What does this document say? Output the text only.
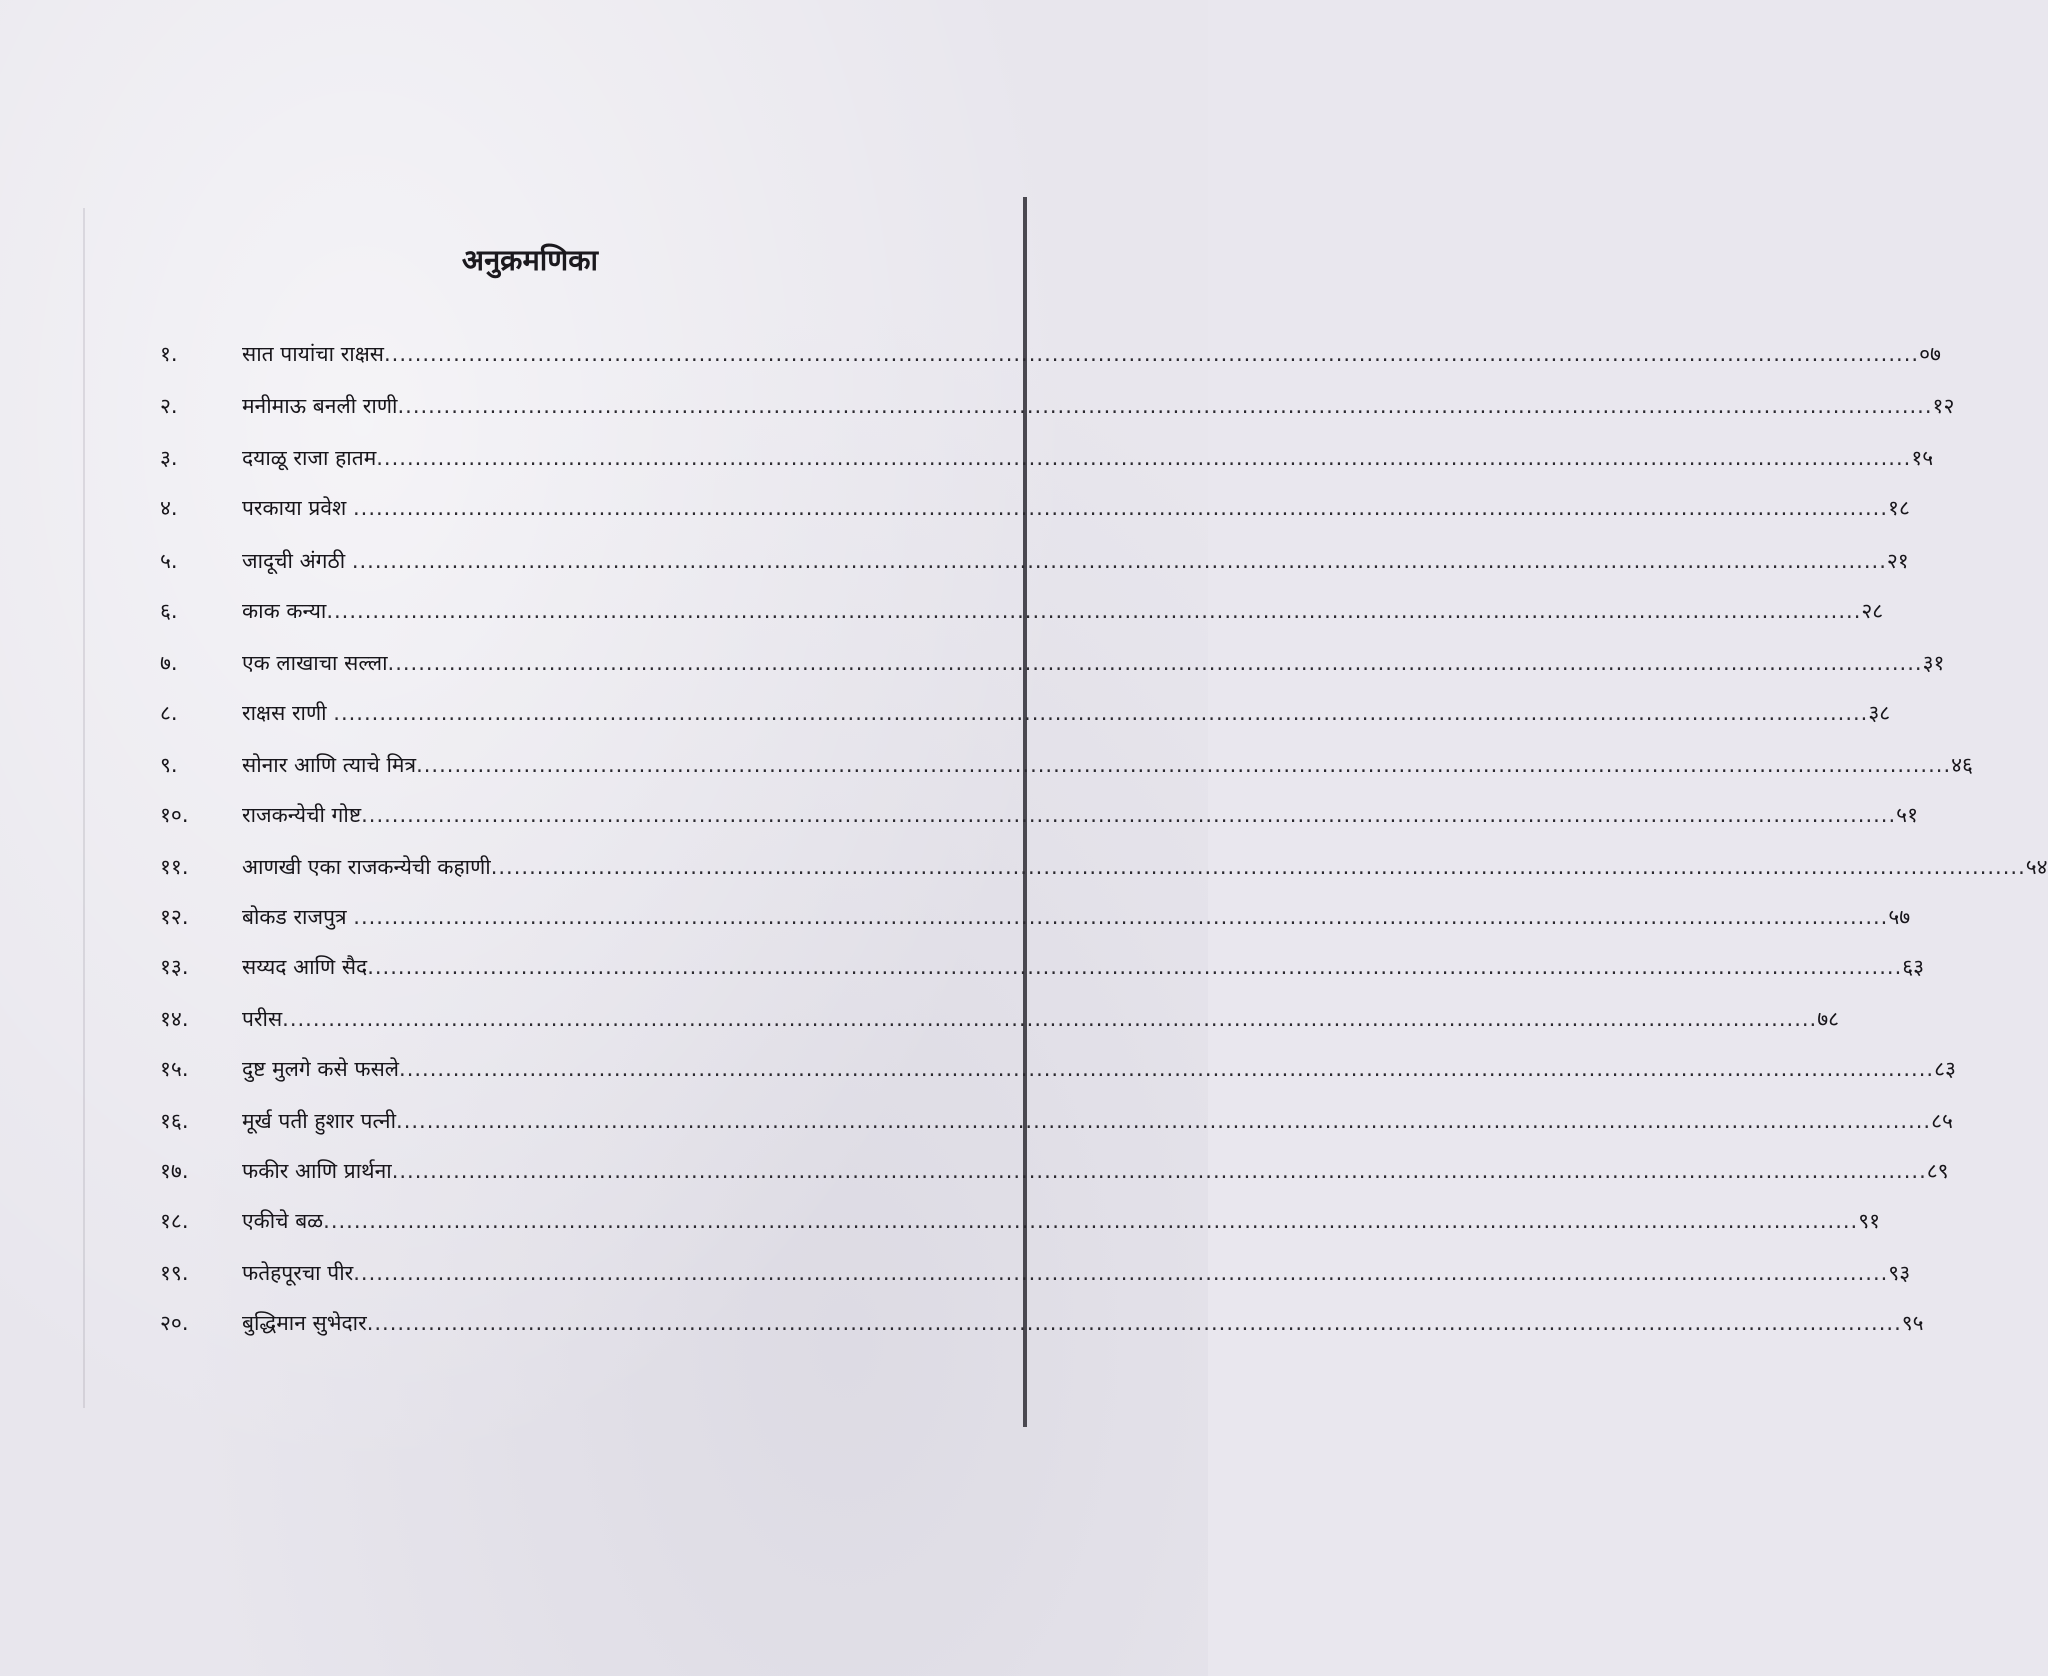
अनुक्रमणिका
१.	सात पायांचा राक्षस ........................................................................................................................................................................................................ ०७
२.	मनीमाऊ बनली राणी ........................................................................................................................................................................................................ १२
३.	दयाळू राजा हातम ........................................................................................................................................................................................................ १५
४.	परकाया प्रवेश ........................................................................................................................................................................................................ १८
५.	जादूची अंगठी ........................................................................................................................................................................................................ २१
६.	काक कन्या ........................................................................................................................................................................................................ २८
७.	एक लाखाचा सल्ला ........................................................................................................................................................................................................ ३१
८.	राक्षस राणी ........................................................................................................................................................................................................ ३८
९.	सोनार आणि त्याचे मित्र ........................................................................................................................................................................................................ ४६
१०.	राजकन्येची गोष्ट ........................................................................................................................................................................................................ ५१
११.	आणखी एका राजकन्येची कहाणी ........................................................................................................................................................................................................ ५४
१२.	बोकड राजपुत्र ........................................................................................................................................................................................................ ५७
१३.	सय्यद आणि सैद ........................................................................................................................................................................................................ ६३
१४.	परीस ........................................................................................................................................................................................................ ७८
१५.	दुष्ट मुलगे कसे फसले ........................................................................................................................................................................................................ ८३
१६.	मूर्ख पती हुशार पत्नी ........................................................................................................................................................................................................ ८५
१७.	फकीर आणि प्रार्थना ........................................................................................................................................................................................................ ८९
१८.	एकीचे बळ ........................................................................................................................................................................................................ ९१
१९.	फतेहपूरचा पीर ........................................................................................................................................................................................................ ९३
२०.	बुद्धिमान सुभेदार ........................................................................................................................................................................................................ ९५
